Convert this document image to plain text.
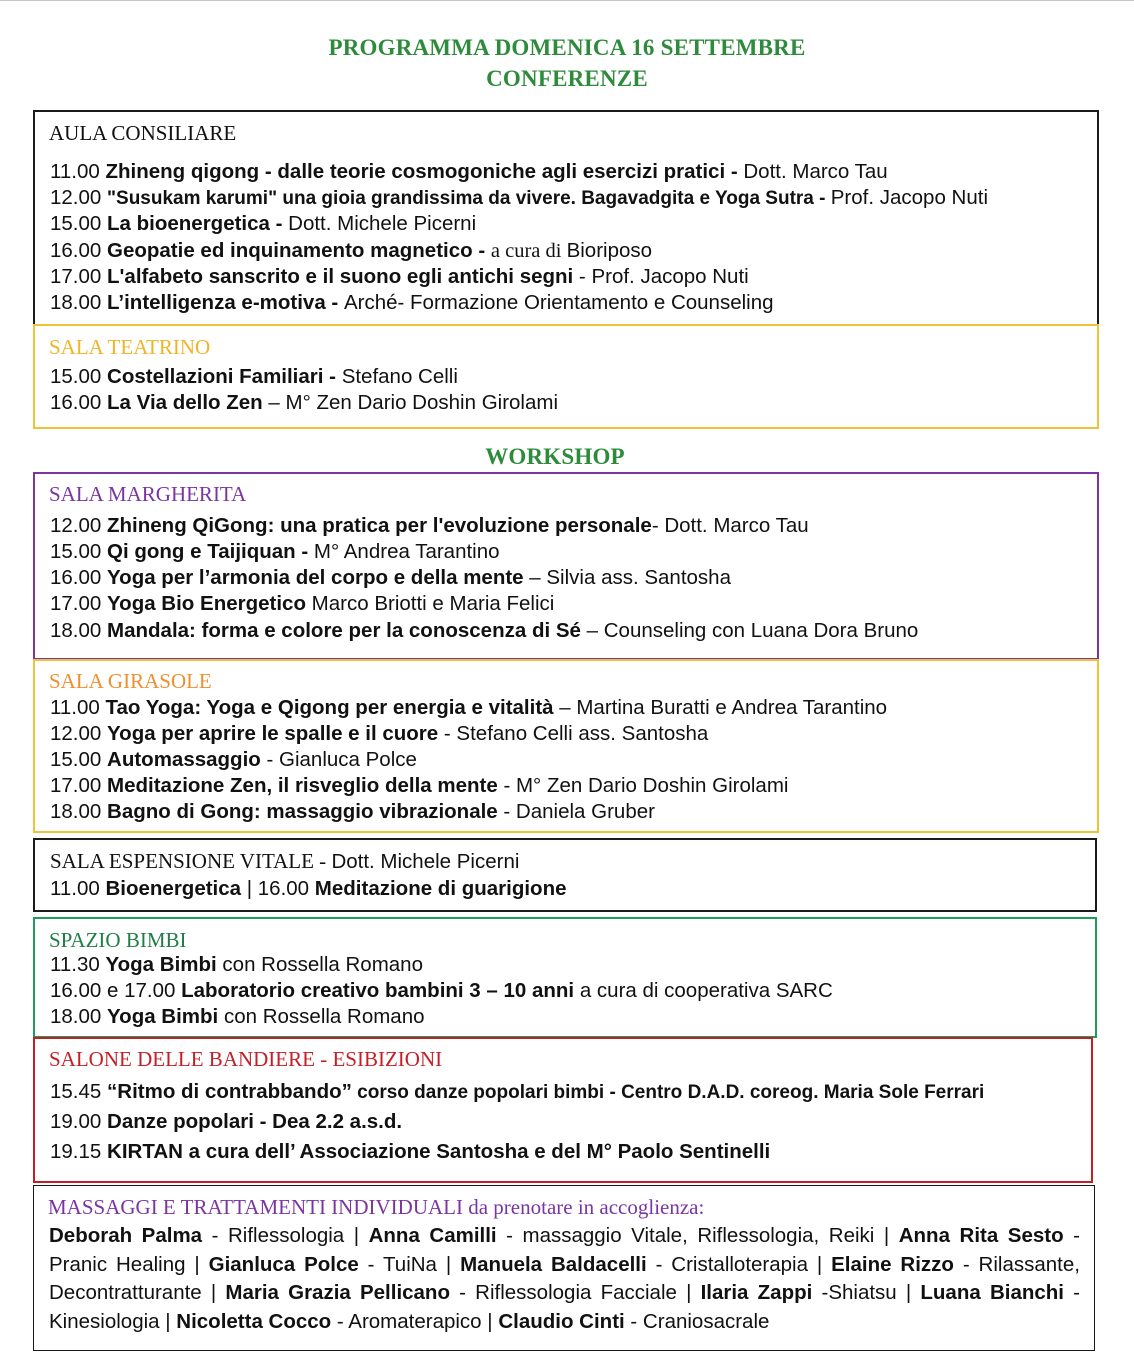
PROGRAMMA DOMENICA 16 SETTEMBRE
CONFERENZE
AULA CONSILIARE
11.00 Zhineng qigong - dalle teorie cosmogoniche agli esercizi pratici - Dott. Marco Tau
12.00 "Susukam karumi" una gioia grandissima da vivere. Bagavadgita e Yoga Sutra - Prof. Jacopo Nuti
15.00 La bioenergetica - Dott. Michele Picerni
16.00 Geopatie ed inquinamento magnetico - a cura di Bioriposo
17.00 L'alfabeto sanscrito e il suono egli antichi segni - Prof. Jacopo Nuti
18.00 L’intelligenza e-motiva - Arché- Formazione Orientamento e Counseling
SALA TEATRINO
15.00 Costellazioni Familiari - Stefano Celli
16.00 La Via dello Zen – M° Zen Dario Doshin Girolami
WORKSHOP
SALA MARGHERITA
12.00 Zhineng QiGong: una pratica per l'evoluzione personale- Dott. Marco Tau
15.00 Qi gong e Taijiquan - M° Andrea Tarantino
16.00 Yoga per l’armonia del corpo e della mente – Silvia ass. Santosha
17.00 Yoga Bio Energetico Marco Briotti e Maria Felici
18.00 Mandala: forma e colore per la conoscenza di Sé – Counseling con Luana Dora Bruno
SALA GIRASOLE
11.00 Tao Yoga: Yoga e Qigong per energia e vitalità – Martina Buratti e Andrea Tarantino
12.00 Yoga per aprire le spalle e il cuore - Stefano Celli ass. Santosha
15.00 Automassaggio - Gianluca Polce
17.00 Meditazione Zen, il risveglio della mente - M° Zen Dario Doshin Girolami
18.00 Bagno di Gong: massaggio vibrazionale - Daniela Gruber
SALA ESPENSIONE VITALE - Dott. Michele Picerni
11.00 Bioenergetica | 16.00 Meditazione di guarigione
SPAZIO BIMBI
11.30 Yoga Bimbi con Rossella Romano
16.00 e 17.00 Laboratorio creativo bambini 3 – 10 anni a cura di cooperativa SARC
18.00 Yoga Bimbi con Rossella Romano
SALONE DELLE BANDIERE - ESIBIZIONI
15.45 “Ritmo di contrabbando” corso danze popolari bimbi - Centro D.A.D. coreog. Maria Sole Ferrari
19.00 Danze popolari - Dea 2.2 a.s.d.
19.15 KIRTAN a cura dell’ Associazione Santosha e del M° Paolo Sentinelli
MASSAGGI E TRATTAMENTI INDIVIDUALI da prenotare in accoglienza:
Deborah Palma - Riflessologia | Anna Camilli - massaggio Vitale, Riflessologia, Reiki | Anna Rita Sesto - Pranic Healing | Gianluca Polce - TuiNa | Manuela Baldacelli - Cristalloterapia | Elaine Rizzo - Rilassante, Decontratturante | Maria Grazia Pellicano - Riflessologia Facciale | Ilaria Zappi -Shiatsu | Luana Bianchi - Kinesiologia | Nicoletta Cocco - Aromaterapico | Claudio Cinti - Craniosacrale
